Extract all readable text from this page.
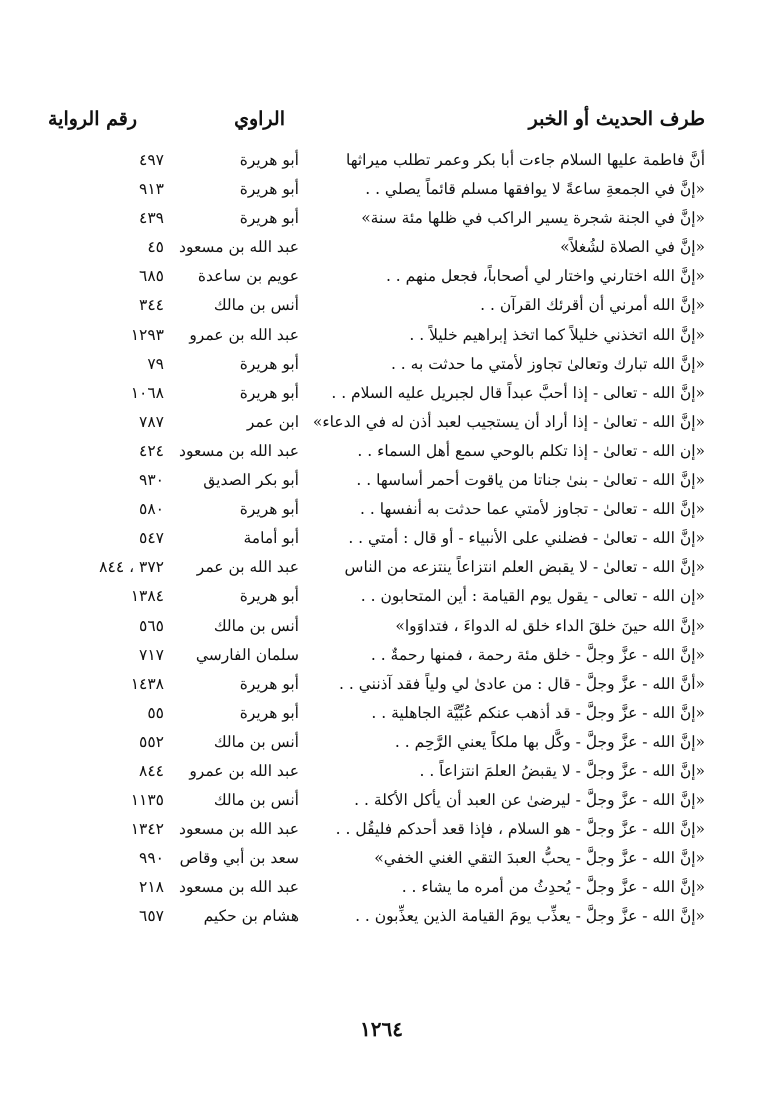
طرف الحديث أو الخبر
الراوي
رقم الرواية
أنَّ فاطمة عليها السلام جاءت أبا بكر وعمر تطلب ميراثها
أبو هريرة
٤٩٧
«إنَّ في الجمعةِ ساعةً لا يوافقها مسلم قائماً يصلي . .
أبو هريرة
٩١٣
«إنَّ في الجنة شجرة يسير الراكب في ظلها مئة سنة»
أبو هريرة
٤٣٩
«إنَّ في الصلاة لشُغلاً»
عبد الله بن مسعود
٤٥
«إنَّ الله اختارني واختار لي أصحاباً، فجعل منهم . .
عويم بن ساعدة
٦٨٥
«إنَّ الله أمرني أن أقرئك القرآن . .
أنس بن مالك
٣٤٤
«إنَّ الله اتخذني خليلاً كما اتخذ إبراهيم خليلاً . .
عبد الله بن عمرو
١٢٩٣
«إنَّ الله تبارك وتعالىٰ تجاوز لأمتي ما حدثت به . .
أبو هريرة
٧٩
«إنَّ الله - تعالى - إذا أحبَّ عبداً قال لجبريل عليه السلام . .
أبو هريرة
١٠٦٨
«إنَّ الله - تعالىٰ - إذا أراد أن يستجيب لعبد أذن له في الدعاء»
ابن عمر
٧٨٧
«إن الله - تعالىٰ - إذا تكلم بالوحي سمع أهل السماء . .
عبد الله بن مسعود
٤٢٤
«إنَّ الله - تعالىٰ - بنىٰ جناتا من ياقوت أحمر أساسها . .
أبو بكر الصديق
٩٣٠
«إنَّ الله - تعالىٰ - تجاوز لأمتي عما حدثت به أنفسها . .
أبو هريرة
٥٨٠
«إنَّ الله - تعالىٰ - فضلني على الأنبياء - أو قال : أمتي . .
أبو أمامة
٥٤٧
«إنَّ الله - تعالىٰ - لا يقبض العلم انتزاعاً ينتزعه من الناس
عبد الله بن عمر
٣٧٢ ، ٨٤٤
«إن الله - تعالى - يقول يوم القيامة : أين المتحابون . .
أبو هريرة
١٣٨٤
«إنَّ الله حينَ خلقَ الداء خلق له الدواءَ ، فتداوَوا»
أنس بن مالك
٥٦٥
«إنَّ الله - عزَّ وجلَّ - خلق مئة رحمة ، فمنها رحمةٌ . .
سلمان الفارسي
٧١٧
«أنَّ الله - عزَّ وجلَّ - قال : من عادىٰ لي ولياً فقد آذنني . .
أبو هريرة
١٤٣٨
«إنَّ الله - عزَّ وجلَّ - قد أذهب عنكم عُبِّيَّة الجاهلية . .
أبو هريرة
٥٥
«إنَّ الله - عزَّ وجلَّ - وكَّل بها ملكاً يعني الرَّحِم . .
أنس بن مالك
٥٥٢
«إنَّ الله - عزَّ وجلَّ - لا يقبضُ العلمَ انتزاعاً . .
عبد الله بن عمرو
٨٤٤
«إنَّ الله - عزَّ وجلَّ - ليرضىٰ عن العبد أن يأكل الأكلة . .
أنس بن مالك
١١٣٥
«إنَّ الله - عزَّ وجلَّ - هو السلام ، فإذا قعد أحدكم فليقُل . .
عبد الله بن مسعود
١٣٤٢
«إنَّ الله - عزَّ وجلَّ - يحبُّ العبدَ التقي الغني الخفي»
سعد بن أبي وقاص
٩٩٠
«إنَّ الله - عزَّ وجلَّ - يُحدِثُ من أمره ما يشاء . .
عبد الله بن مسعود
٢١٨
«إنَّ الله - عزَّ وجلَّ - يعذِّب يومَ القيامة الذين يعذِّبون . .
هشام بن حكيم
٦٥٧
١٢٦٤
